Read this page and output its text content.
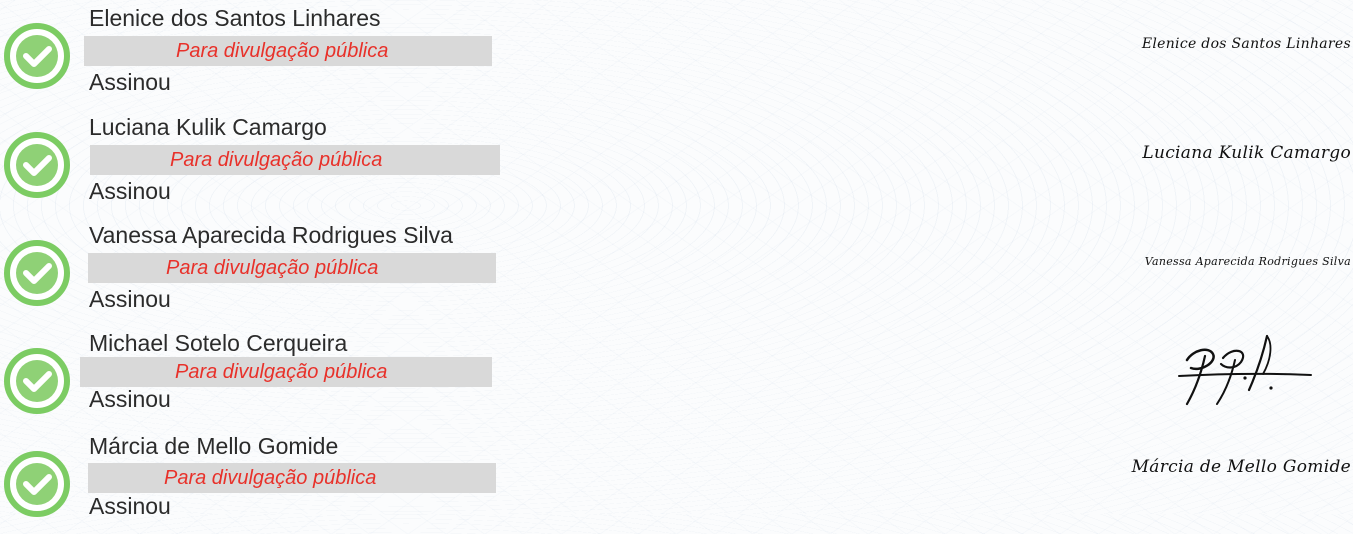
Elenice dos Santos Linhares
Para divulgação pública
Assinou
Elenice dos Santos Linhares
Luciana Kulik Camargo
Para divulgação pública
Assinou
Luciana Kulik Camargo
Vanessa Aparecida Rodrigues Silva
Para divulgação pública
Assinou
Vanessa Aparecida Rodrigues Silva
Michael Sotelo Cerqueira
Para divulgação pública
Assinou
Márcia de Mello Gomide
Para divulgação pública
Assinou
Márcia de Mello Gomide
